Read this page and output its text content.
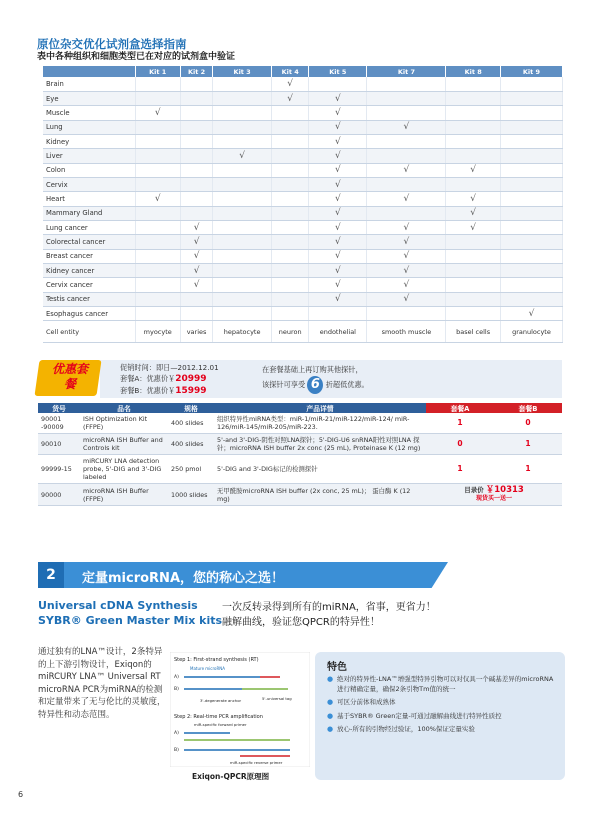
原位杂交优化试剂盒选择指南
表中各种组织和细胞类型已在对应的试剂盒中验证
	Kit 1	Kit 2	Kit 3	Kit 4	Kit 5	Kit 7	Kit 8	Kit 9
Brain				√				
Eye				√	√			
Muscle	√				√			
Lung					√	√		
Kidney					√			
Liver			√		√			
Colon					√	√	√	
Cervix					√			
Heart	√				√	√	√	
Mammary Gland					√		√	
Lung cancer		√			√	√	√	
Colorectal cancer		√			√	√		
Breast cancer		√			√	√		
Kidney cancer		√			√	√		
Cervix cancer		√			√	√		
Testis cancer					√	√		
Esophagus cancer								√
Cell entity	myocyte	varies	hepatocyte	neuron	endothelial	smooth muscle	basel cells	granulocyte
优惠套餐
促销时间：即日—2012.12.01
套餐A：优惠价￥20999
套餐B：优惠价￥15999
在套餐基础上再订购其他探针，
该探针可享受 6 折超低优惠。
货号	品名	规格	产品详情	套餐A	套餐B
90001 -90009	ISH Optimization Kit (FFPE)	400 slides	组织特异性miRNA类型：miR-1/miR-21/miR-122/miR-124/ miR-126/miR-145/miR-205/miR-223.	1	0
90010	microRNA ISH Buffer and Controls kit	400 slides	5'-and 3'-DIG-阴性对照LNA探针；5'-DIG-U6 snRNA阳性对照LNA 探针；microRNA ISH buffer 2x conc (25 mL), Proteinase K (12 mg)	0	1
99999-15	miRCURY LNA detection probe, 5'-DIG and 3'-DIG labeled	250 pmol	5'-DIG and 3'-DIG标记的检测探针	1	1
90000	microRNA ISH Buffer (FFPE)	1000 slides	无甲酰胺microRNA ISH buffer (2x conc, 25 mL)； 蛋白酶 K (12 mg)	目录价 ￥10313
现货买一送一	
2	定量microRNA，您的称心之选！
Universal cDNA Synthesis
SYBR® Green Master Mix kits
一次反转录得到所有的miRNA，省事，更省力！
融解曲线，验证您QPCR的特异性！
通过独有的LNA™设计，2条特异的上下游引物设计，Exiqon的miRCURY LNA™ Universal RT microRNA PCR为miRNA的检测和定量带来了无与伦比的灵敏度，特异性和动态范围。
Step 1: First-strand synthesis (RT)
Mature microRNA
A)
B)
3'-degenerate anchor	5'-universal tag
Step 2: Real-time PCR amplification
miR-specific forward primer
A)
B)
miR-specific reverse primer
Exiqon-QPCR原理图
特色
● 绝对的特异性-LNA™增强型特异引物可以对仅具一个碱基差异的microRNA进行精确定量，确保2条引物Tm值的统一
● 可区分前体和成熟体
● 基于SYBR® Green定量-可通过融解曲线进行特异性质控
● 放心-所有的引物经过验证，100%保证定量实验
6
